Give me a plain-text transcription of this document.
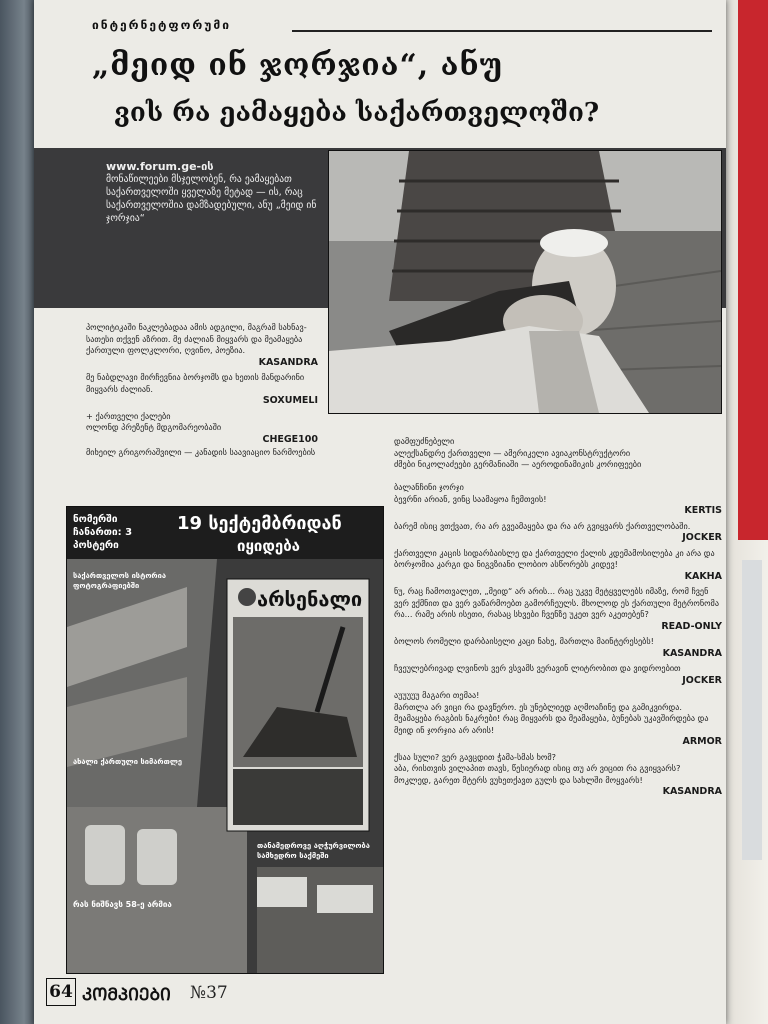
ინტერნეტფორუმი
„მეიდ ინ ჯორჯია“, ანუ
ვის რა ეამაყება საქართველოში?
www.forum.ge-ის
მონაწილეები მსჯელობენ, რა ეამაყებათ საქართველოში ყველაზე მეტად — ის, რაც საქართველოშია დამზადებული, ანუ „მეიდ ინ ჯორჯია“
პოლიტიკაში ნაკლებადაა ამის ადგილი, მაგრამ სახნავ-სათესი თქვენ აზრით. მე ძალიან მიყვარს და მეამაყება ქართული ფოლკლორი, ღვინო, პოეზია.
KASANDRA
მე ნაბდლავი მირჩევნია ბორჯომს და ხეთის მანდარინი მიყვარს ძალიან.
SOXUMELI
+ ქართველი ქალები
ოლონდ პრეზენტ მდგომარეობაში
CHEGE100
მიხეილ გრიგორაშვილი — კანადის საავიაციო ნარმოების
დამფუძნებელი
ალექსანდრე ქართველი — ამერიკელი ავიაკონსტრუქტორი
ძმები ნიკოლაძეები გერმანიაში — აეროდინამიკის კორიფეები

ბალანჩინი ჯორჯი
ბევრნი არიან, ვინც საამაყოა ჩემთვის!
KERTIS
ბარემ ისიც ვთქვათ, რა არ გვეამაყება და რა არ გვიყვარს ქართველობაში.
JOCKER
ქართველი კაცის სიდარბაისლე და ქართველი ქალის კდემამოსილება კი არა და ბორჯომია კარგი და ნიგვზიანი ლობიო ასწორებს კიდევ!
KAKHA
ნუ, რაც ჩამოთვალეთ, „მეიდ“ არ არის... რაც უკვე მეტყველებს იმაზე, რომ ჩვენ ვერ ვქმნით და ვერ ვაწარმოებთ გამორჩეულს. მხოლოდ ეს ქართული მეტრონომა რა... რამე არის ისეთი, რასაც სხვები ჩვენზე უკეთ ვერ აკეთებენ?
READ-ONLY
ბოლოს რომელი დარბაისელი კაცი ნახე, მართლა მაინტერესებს!
KASANDRA
ჩვეულებრივად ლვინოს ვერ ვსვამს ვერავინ ლიტრობით და ვიდროებით
JOCKER
აუუუუუ მაგარი თემაა!
მართლა არ ვიცი რა დავწერო. ეს უნებლიედ აღმოაჩინე და გამიკვირდა. მეამაყება რაგბის ნაკრები! რაც მიყვარს და მეამაყება, ბუნებას უკავშირდება და მეიდ ინ ჯორჯია არ არის!
ARMOR
ქსაა სული? ვერ გავცდით ჭამა-სმას ხომ?
აბა, რისთვის ვილაპით თავს, წესიერად ისიც თუ არ ვიცით რა გვიყვარს?
მოკლედ, გარეთ მტერს ვუხეთქავთ გულს და სახლში მოყვარს!
KASANDRA
ნომერში ჩანართი: 3 პოსტერი
19 სექტემბრიდან
იყიდება
არსენალი
საქართველოს ისტორია ფოტოგრაფიებში
ახალი ქართული სიმართლე
თანამედროვე აღჭურვილობა სამხედრო საქმეში
რას ნიშნავს 58-ე არმია
64 ᲙᲝᲛᲞᲘᲔᲑᲘ №37
